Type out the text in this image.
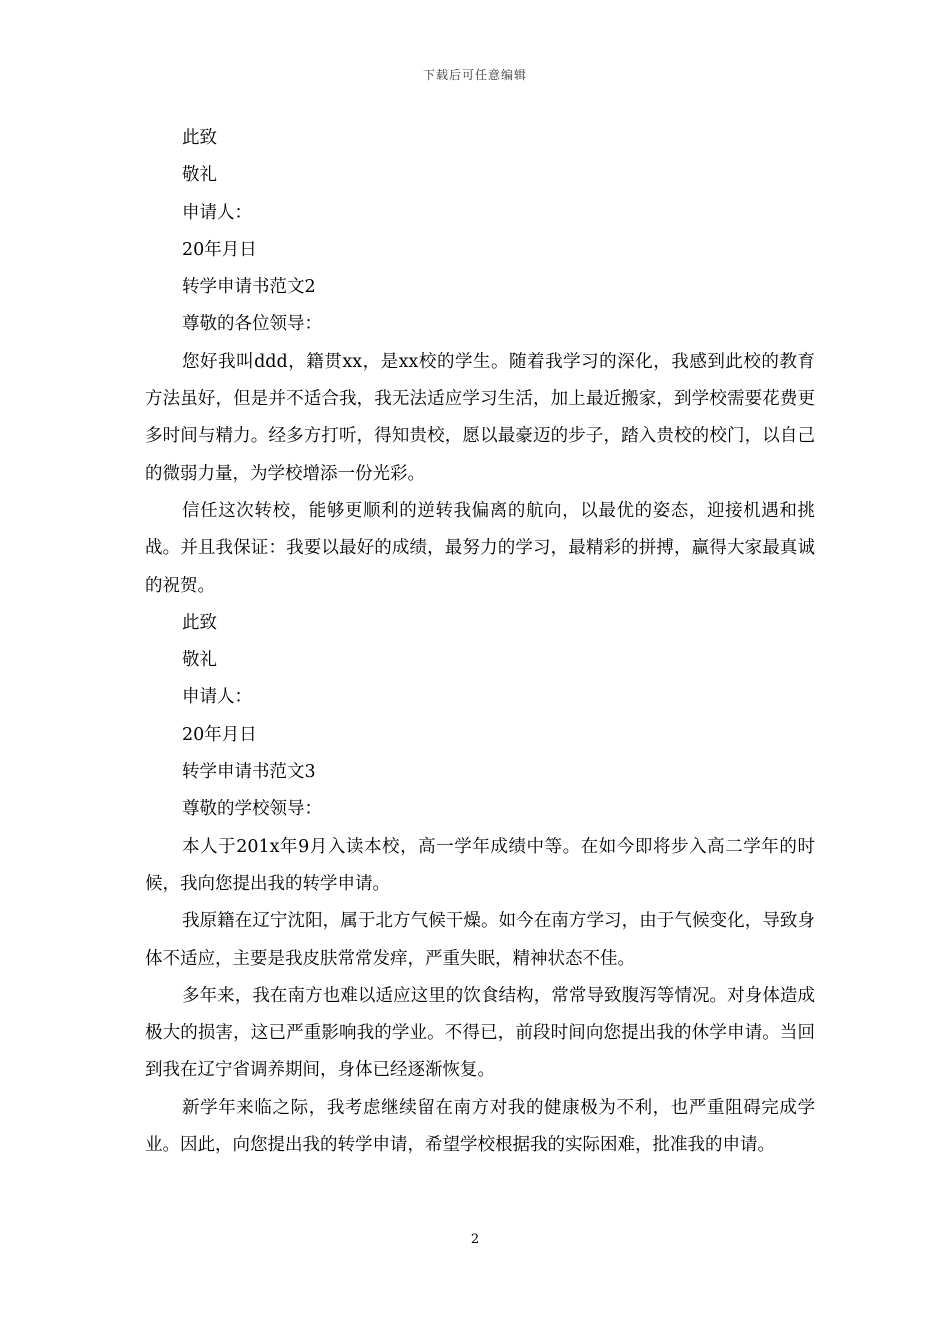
下载后可任意编辑

此致

敬礼

申请人：

20年月日

转学申请书范文2

尊敬的各位领导：

您好我叫ddd，籍贯xx，是xx校的学生。随着我学习的深化，我感到此校的教育方法虽好，但是并不适合我，我无法适应学习生活，加上最近搬家，到学校需要花费更多时间与精力。经多方打听，得知贵校，愿以最豪迈的步子，踏入贵校的校门，以自己的微弱力量，为学校增添一份光彩。

信任这次转校，能够更顺利的逆转我偏离的航向，以最优的姿态，迎接机遇和挑战。并且我保证：我要以最好的成绩，最努力的学习，最精彩的拼搏，赢得大家最真诚的祝贺。

此致

敬礼

申请人：

20年月日

转学申请书范文3

尊敬的学校领导：

本人于201x年9月入读本校，高一学年成绩中等。在如今即将步入高二学年的时候，我向您提出我的转学申请。

我原籍在辽宁沈阳，属于北方气候干燥。如今在南方学习，由于气候变化，导致身体不适应，主要是我皮肤常常发痒，严重失眠，精神状态不佳。

多年来，我在南方也难以适应这里的饮食结构，常常导致腹泻等情况。对身体造成极大的损害，这已严重影响我的学业。不得已，前段时间向您提出我的休学申请。当回到我在辽宁省调养期间，身体已经逐渐恢复。

新学年来临之际，我考虑继续留在南方对我的健康极为不利，也严重阻碍完成学业。因此，向您提出我的转学申请，希望学校根据我的实际困难，批准我的申请。

2
